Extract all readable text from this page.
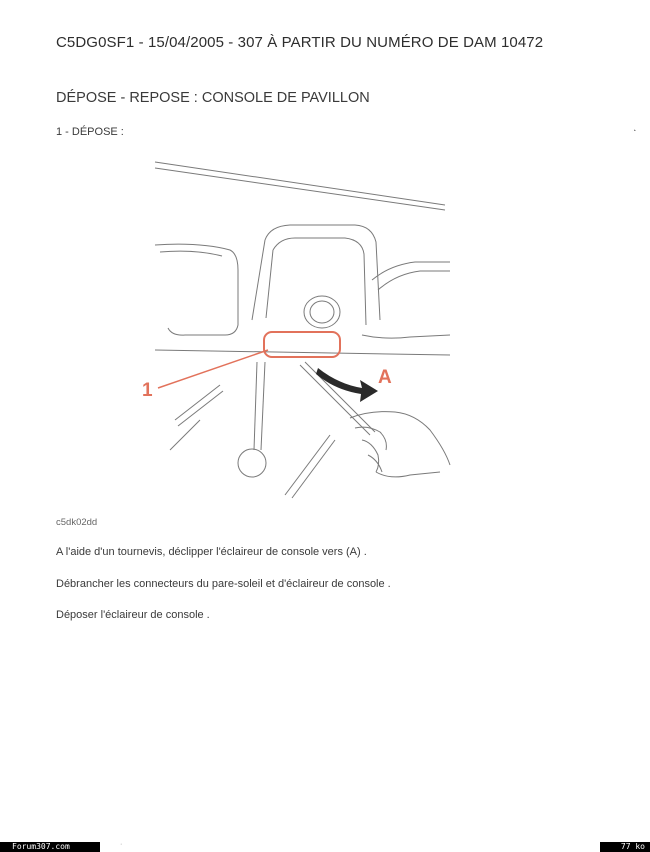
C5DG0SF1 - 15/04/2005 - 307 À PARTIR DU NUMÉRO DE DAM 10472
DÉPOSE - REPOSE : CONSOLE DE PAVILLON
1 - DÉPOSE :	◔
1
A
c5dk02dd
A l'aide d'un tournevis, déclipper l'éclaireur de console vers (A) .
Débrancher les connecteurs du pare-soleil et d'éclaireur de console .
Déposer l'éclaireur de console .
Forum307.com	·	77 ko
